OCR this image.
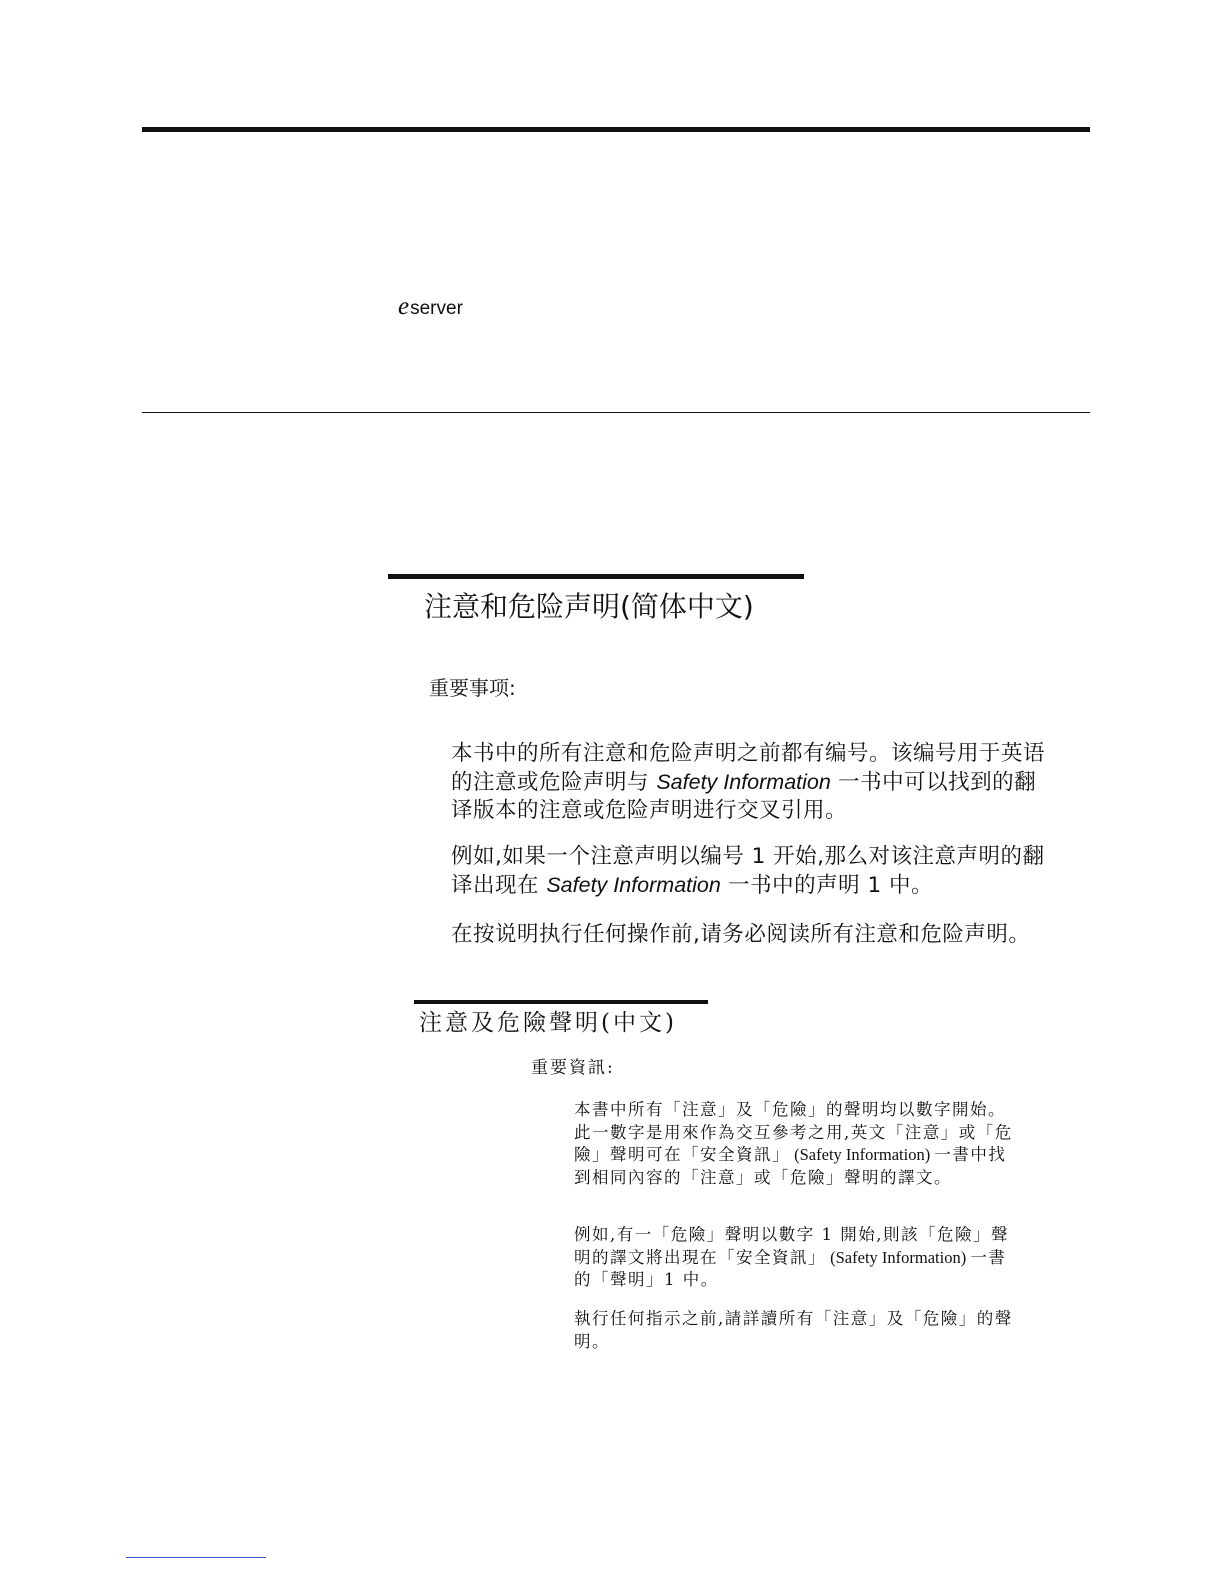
eserver
注意和危险声明(简体中文)
重要事项:
本书中的所有注意和危险声明之前都有编号。该编号用于英语的注意或危险声明与 Safety Information 一书中可以找到的翻译版本的注意或危险声明进行交叉引用。
例如,如果一个注意声明以编号 1 开始,那么对该注意声明的翻译出现在 Safety Information 一书中的声明 1 中。
在按说明执行任何操作前,请务必阅读所有注意和危险声明。
注意及危險聲明(中文)
重要資訊:
本書中所有「注意」及「危險」的聲明均以數字開始。此一數字是用來作為交互參考之用,英文「注意」或「危險」聲明可在「安全資訊」 (Safety Information) 一書中找到相同內容的「注意」或「危險」聲明的譯文。
例如,有一「危險」聲明以數字 1 開始,則該「危險」聲明的譯文將出現在「安全資訊」 (Safety Information) 一書的「聲明」1 中。
執行任何指示之前,請詳讀所有「注意」及「危險」的聲明。
